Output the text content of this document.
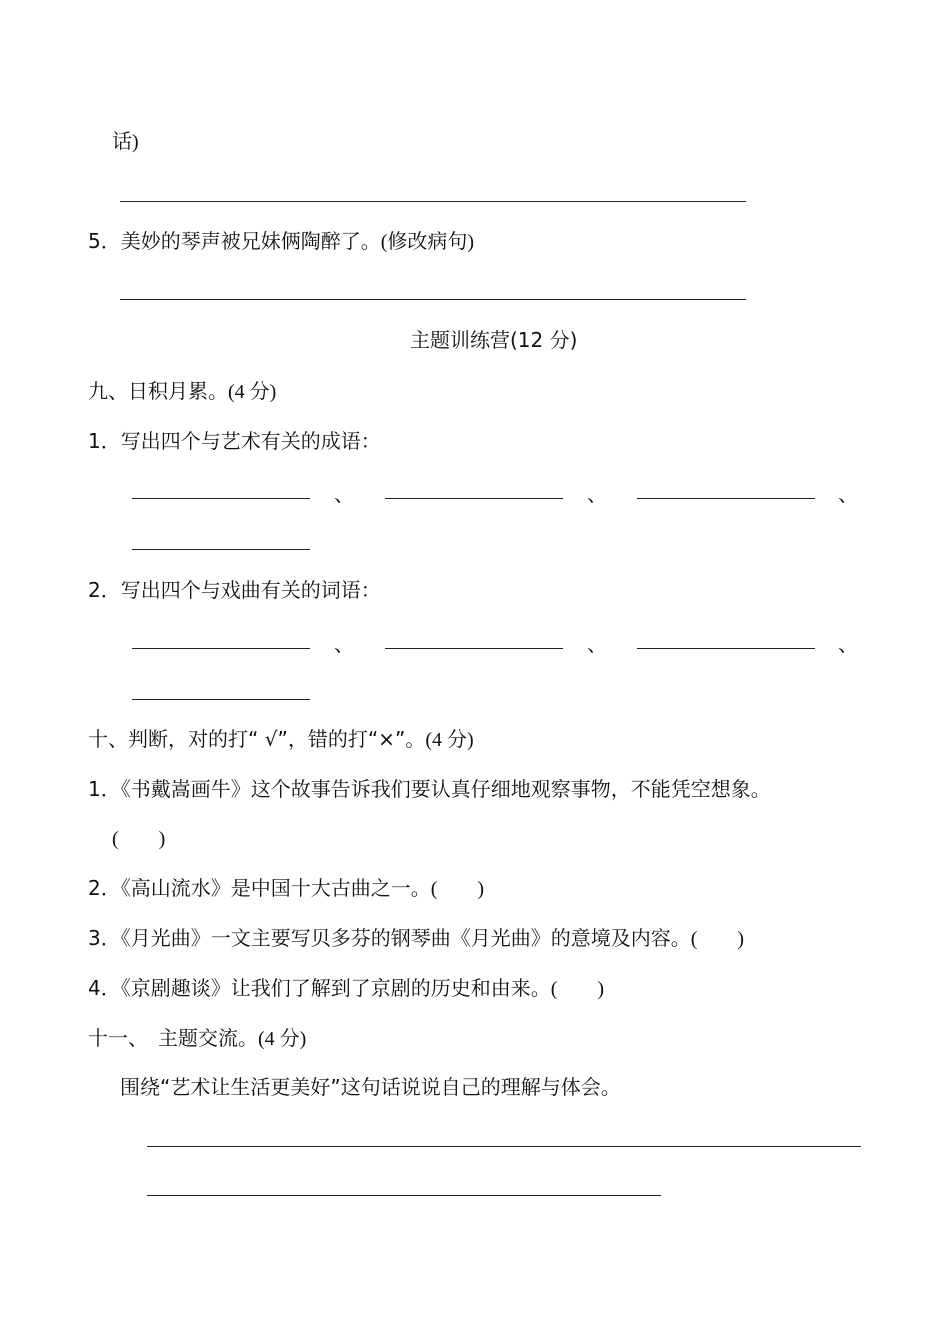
话)
5．美妙的琴声被兄妹俩陶醉了。(修改病句)
主题训练营(12 分)
九、日积月累。(4 分)
1．写出四个与艺术有关的成语：
、	、	、
2．写出四个与戏曲有关的词语：
、	、	、
十、判断，对的打“ √”，错的打“×”。(4 分)
1．《书戴嵩画牛》这个故事告诉我们要认真仔细地观察事物，不能凭空想象。
(　　)
2．《高山流水》是中国十大古曲之一。(　　)
3．《月光曲》一文主要写贝多芬的钢琴曲《月光曲》的意境及内容。(　　)
4．《京剧趣谈》让我们了解到了京剧的历史和由来。(　　)
十一、　主题交流。(4 分)
围绕“艺术让生活更美好”这句话说说自己的理解与体会。
